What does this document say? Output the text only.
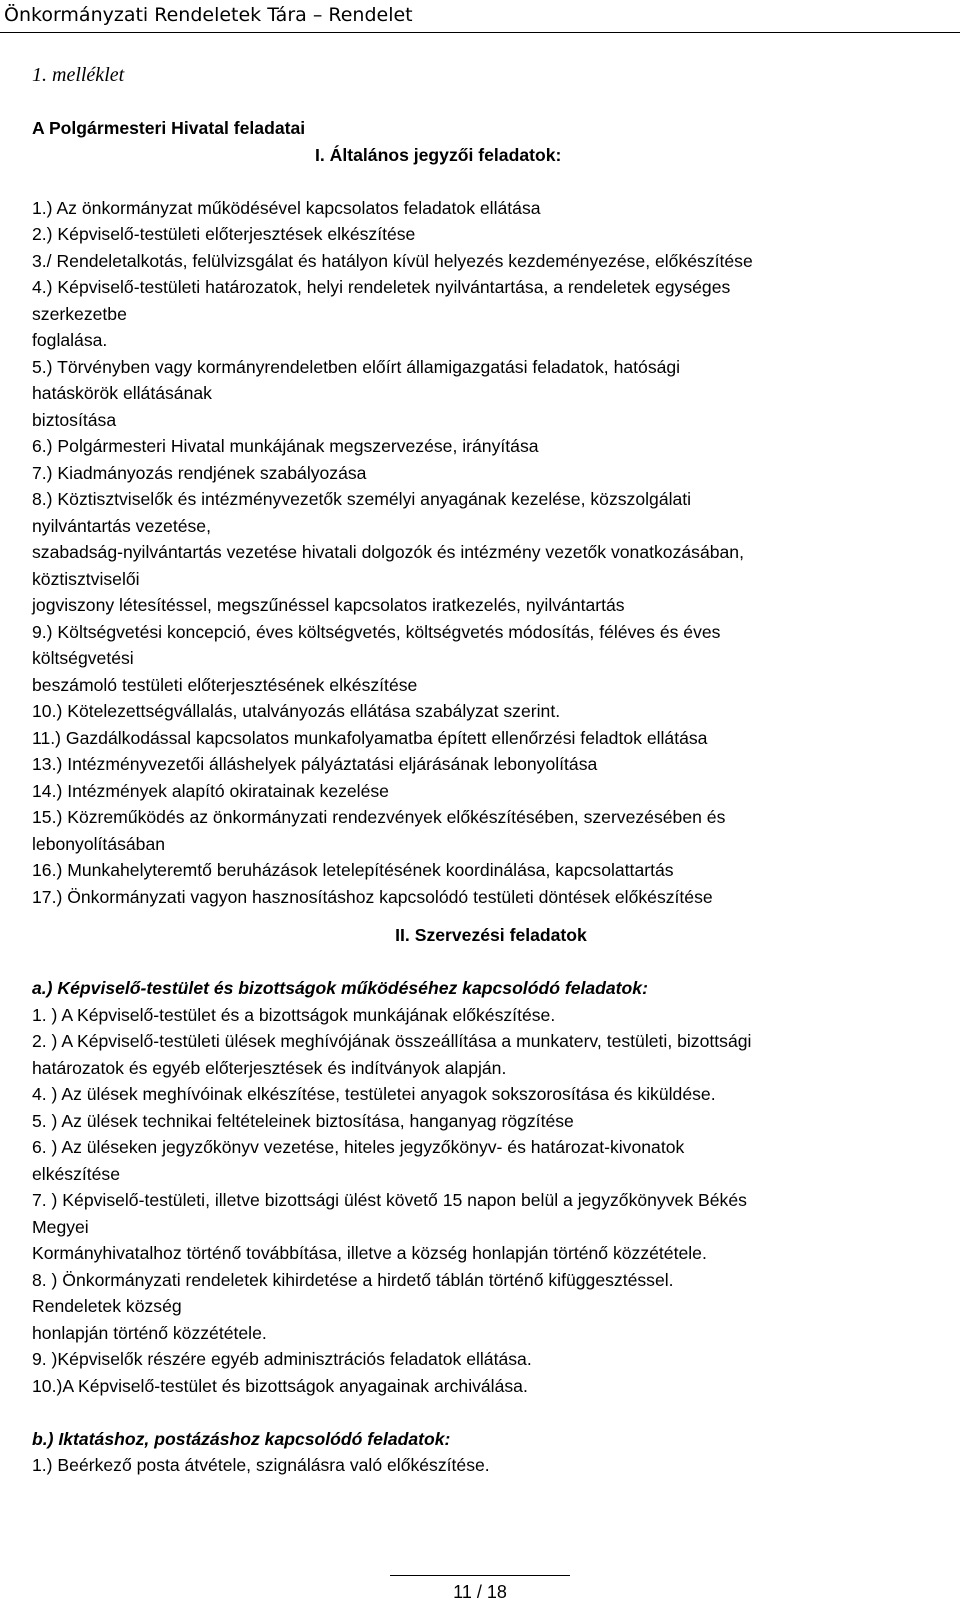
Önkormányzati Rendeletek Tára – Rendelet

1. melléklet

A Polgármesteri Hivatal feladatai

I. Általános jegyzői feladatok:

1.) Az önkormányzat működésével kapcsolatos feladatok ellátása

2.) Képviselő-testületi előterjesztések elkészítése

3./ Rendeletalkotás, felülvizsgálat és hatályon kívül helyezés kezdeményezése, előkészítése

4.) Képviselő-testületi határozatok, helyi rendeletek nyilvántartása, a rendeletek egységes

szerkezetbe

foglalása.

5.) Törvényben vagy kormányrendeletben előírt államigazgatási feladatok, hatósági

hatáskörök ellátásának

biztosítása

6.) Polgármesteri Hivatal munkájának megszervezése, irányítása

7.) Kiadmányozás rendjének szabályozása

8.) Köztisztviselők és intézményvezetők személyi anyagának kezelése, közszolgálati

nyilvántartás vezetése,

szabadság-nyilvántartás vezetése hivatali dolgozók és intézmény vezetők vonatkozásában,

köztisztviselői

jogviszony létesítéssel, megszűnéssel kapcsolatos iratkezelés, nyilvántartás

9.) Költségvetési koncepció, éves költségvetés, költségvetés módosítás, féléves és éves

költségvetési

beszámoló testületi előterjesztésének elkészítése

10.) Kötelezettségvállalás, utalványozás ellátása szabályzat szerint.

11.) Gazdálkodással kapcsolatos munkafolyamatba épített ellenőrzési feladtok ellátása

13.) Intézményvezetői álláshelyek pályáztatási eljárásának lebonyolítása

14.) Intézmények alapító okiratainak kezelése

15.) Közreműködés az önkormányzati rendezvények előkészítésében, szervezésében és

lebonyolításában

16.) Munkahelyteremtő beruházások letelepítésének koordinálása, kapcsolattartás

17.) Önkormányzati vagyon hasznosításhoz kapcsolódó testületi döntések előkészítése

II. Szervezési feladatok

a.) Képviselő-testület és bizottságok működéséhez kapcsolódó feladatok:

1. ) A Képviselő-testület és a bizottságok munkájának előkészítése.

2. ) A Képviselő-testületi ülések meghívójának összeállítása a munkaterv, testületi, bizottsági

határozatok és egyéb előterjesztések és indítványok alapján.

4. ) Az ülések meghívóinak elkészítése, testületei anyagok sokszorosítása és kiküldése.

5. ) Az ülések technikai feltételeinek biztosítása, hanganyag rögzítése

6. ) Az üléseken jegyzőkönyv vezetése, hiteles jegyzőkönyv- és határozat-kivonatok

elkészítése

7. ) Képviselő-testületi, illetve bizottsági ülést követő 15 napon belül a jegyzőkönyvek Békés

Megyei

Kormányhivatalhoz történő továbbítása, illetve a község honlapján történő közzététele.

8. ) Önkormányzati rendeletek kihirdetése a hirdető táblán történő kifüggesztéssel.

Rendeletek község

honlapján történő közzététele.

9. )Képviselők részére egyéb adminisztrációs feladatok ellátása.

10.)A Képviselő-testület és bizottságok anyagainak archiválása.

b.) Iktatáshoz, postázáshoz kapcsolódó feladatok:

1.) Beérkező posta átvétele, szignálásra való előkészítése.

11 / 18
